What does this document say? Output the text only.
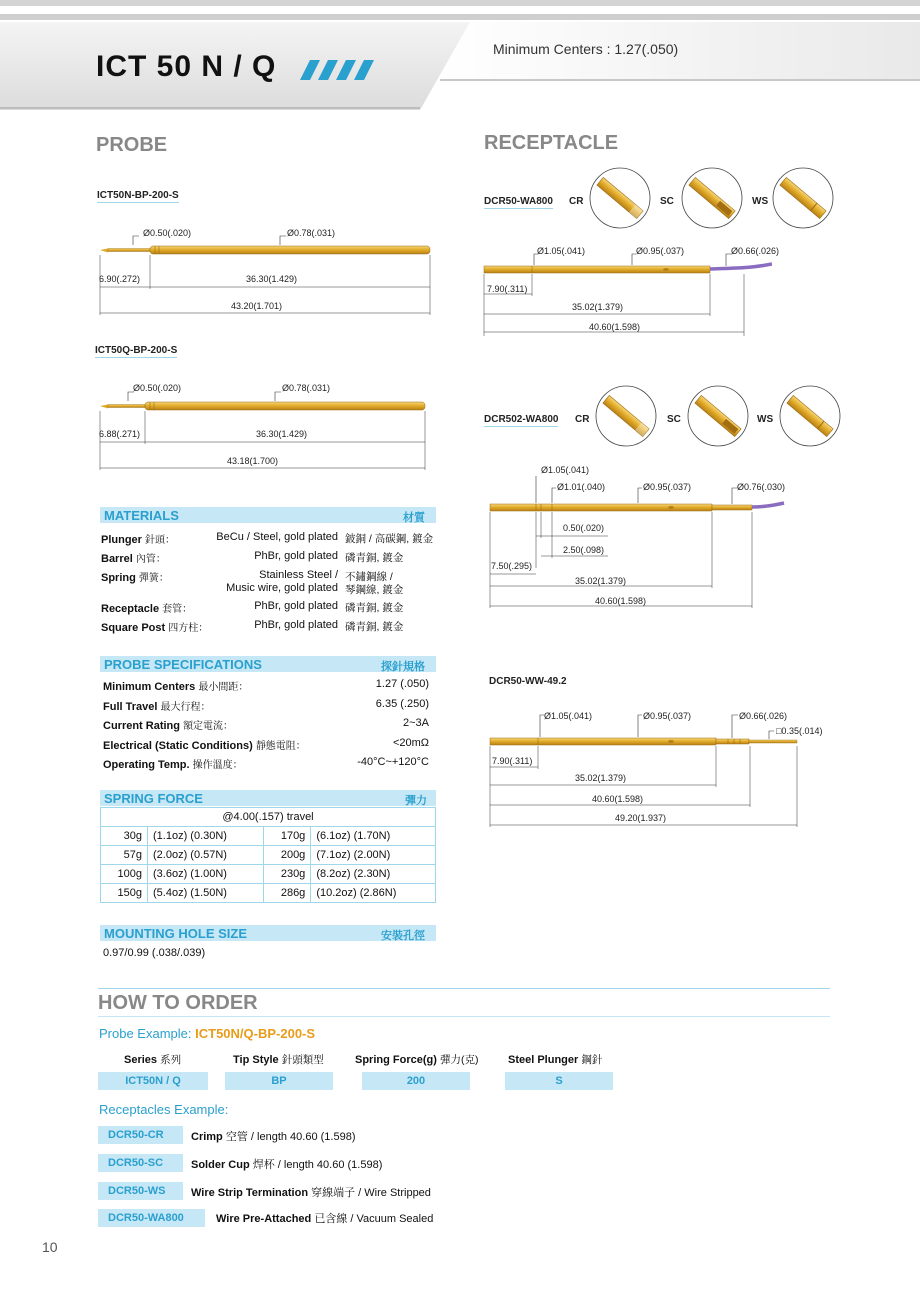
ICT 50 N / Q
Minimum Centers : 1.27(.050)
PROBE
ICT50N-BP-200-S
Ø0.50(.020)	Ø0.78(.031)
6.90(.272)	36.30(1.429)
43.20(1.701)
ICT50Q-BP-200-S
Ø0.50(.020)	Ø0.78(.031)
6.88(.271)	36.30(1.429)
43.18(1.700)
RECEPTACLE
DCR50-WA800 CR	SC	WS
Ø1.05(.041)	Ø0.95(.037)	Ø0.66(.026)
7.90(.311)
35.02(1.379)
40.60(1.598)
DCR502-WA800 CR	SC	WS
Ø1.05(.041)
Ø1.01(.040)	Ø0.95(.037)	Ø0.76(.030)
0.50(.020)
2.50(.098)
7.50(.295)
35.02(1.379)
40.60(1.598)
DCR50-WW-49.2
Ø1.05(.041)	Ø0.95(.037)	Ø0.66(.026)
□0.35(.014)
7.90(.311)
35.02(1.379)
40.60(1.598)
49.20(1.937)
MATERIALS	材質
Plunger 針頭：	BeCu / Steel, gold plated 鈹銅 / 高碳鋼, 鍍金
Barrel 內管：	PhBr, gold plated 磷青銅, 鍍金
Spring 彈簧：	Stainless Steel / 不鏽鋼線 /
Music wire, gold plated 琴鋼線, 鍍金
Receptacle 套管：	PhBr, gold plated 磷青銅, 鍍金
Square Post 四方柱：	PhBr, gold plated 磷青銅, 鍍金
PROBE SPECIFICATIONS	探針規格
Minimum Centers 最小間距：	1.27 (.050)
Full Travel 最大行程：	6.35 (.250)
Current Rating 額定電流：	2~3A
Electrical (Static Conditions) 靜態電阻：	<20mΩ
Operating Temp. 操作溫度：	-40°C~+120°C
SPRING FORCE	彈力
@4.00(.157) travel			
30g	(1.1oz) (0.30N)	170g	(6.1oz) (1.70N)
57g	(2.0oz) (0.57N)	200g	(7.1oz) (2.00N)
100g	(3.6oz) (1.00N)	230g	(8.2oz) (2.30N)
150g	(5.4oz) (1.50N)	286g	(10.2oz) (2.86N)
MOUNTING HOLE SIZE	安裝孔徑
0.97/0.99 (.038/.039)
HOW TO ORDER
Probe Example: ICT50N/Q-BP-200-S
Series 系列	Tip Style 針頭類型	Spring Force(g) 彈力(克)	Steel Plunger 鋼針
ICT50N / Q	BP	200	S
Receptacles Example:
DCR50-CR	Crimp 空管 / length 40.60 (1.598)
DCR50-SC	Solder Cup 焊杯 / length 40.60 (1.598)
DCR50-WS	Wire Strip Termination 穿線端子 / Wire Stripped
DCR50-WA800	Wire Pre-Attached 已含線 / Vacuum Sealed
10
